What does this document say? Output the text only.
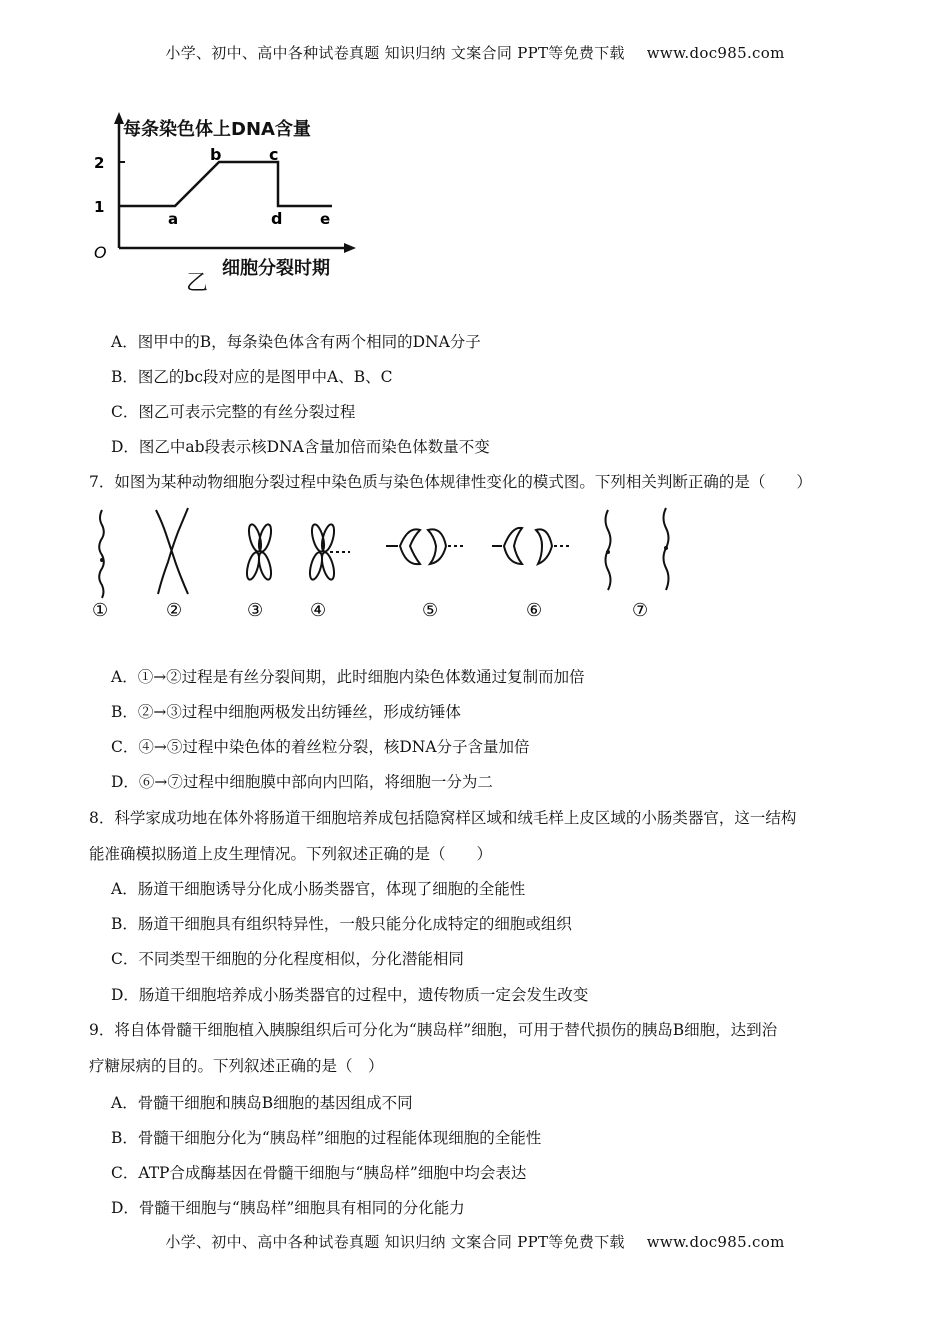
小学、初中、高中各种试卷真题 知识归纳 文案合同 PPT等免费下载 www.doc985.com
2
1
O
a
b	c
d	e
每条染色体上DNA含量
细胞分裂时期
乙
A．图甲中的B，每条染色体含有两个相同的DNA分子
B．图乙的bc段对应的是图甲中A、B、C
C．图乙可表示完整的有丝分裂过程
D．图乙中ab段表示核DNA含量加倍而染色体数量不变
7．如图为某种动物细胞分裂过程中染色质与染色体规律性变化的模式图。下列相关判断正确的是（　　）
①	②	③	④	⑤	⑥	⑦
A．①→②过程是有丝分裂间期，此时细胞内染色体数通过复制而加倍
B．②→③过程中细胞两极发出纺锤丝，形成纺锤体
C．④→⑤过程中染色体的着丝粒分裂，核DNA分子含量加倍
D．⑥→⑦过程中细胞膜中部向内凹陷，将细胞一分为二
8．科学家成功地在体外将肠道干细胞培养成包括隐窝样区域和绒毛样上皮区域的小肠类器官，这一结构
能准确模拟肠道上皮生理情况。下列叙述正确的是（　　）
A．肠道干细胞诱导分化成小肠类器官，体现了细胞的全能性
B．肠道干细胞具有组织特异性，一般只能分化成特定的细胞或组织
C．不同类型干细胞的分化程度相似，分化潜能相同
D．肠道干细胞培养成小肠类器官的过程中，遗传物质一定会发生改变
9．将自体骨髓干细胞植入胰腺组织后可分化为“胰岛样”细胞，可用于替代损伤的胰岛B细胞，达到治
疗糖尿病的目的。下列叙述正确的是（　）
A．骨髓干细胞和胰岛B细胞的基因组成不同
B．骨髓干细胞分化为“胰岛样”细胞的过程能体现细胞的全能性
C．ATP合成酶基因在骨髓干细胞与“胰岛样”细胞中均会表达
D．骨髓干细胞与“胰岛样”细胞具有相同的分化能力
小学、初中、高中各种试卷真题 知识归纳 文案合同 PPT等免费下载 www.doc985.com
